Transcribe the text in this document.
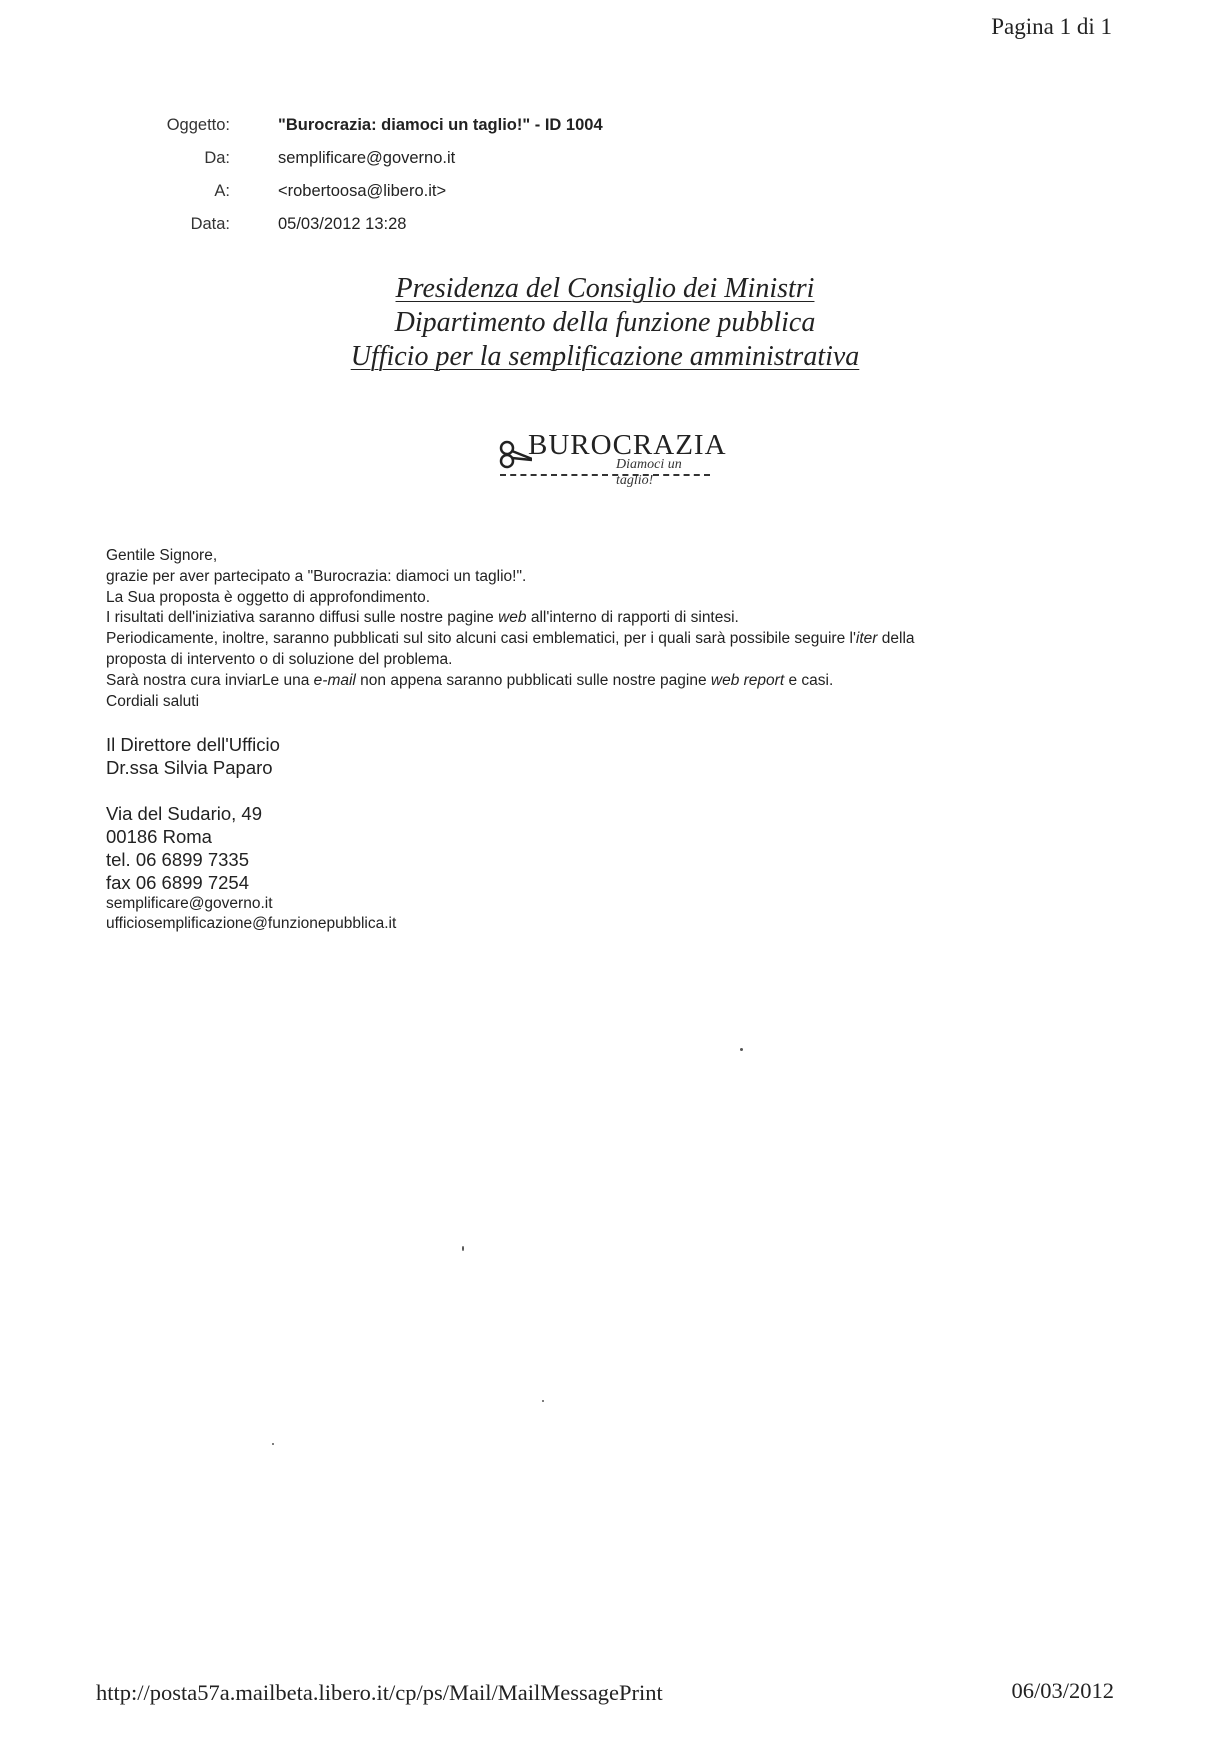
Pagina 1 di 1
Oggetto:	"Burocrazia: diamoci un taglio!" - ID 1004
Da:	semplificare@governo.it
A:	<robertoosa@libero.it>
Data:	05/03/2012 13:28
Presidenza del Consiglio dei Ministri
Dipartimento della funzione pubblica
Ufficio per la semplificazione amministrativa
BUROCRAZIA
Diamoci un taglio!

Gentile Signore,

grazie per aver partecipato a "Burocrazia: diamoci un taglio!".

La Sua proposta è oggetto di approfondimento.

I risultati dell'iniziativa saranno diffusi sulle nostre pagine web all'interno di rapporti di sintesi.

Periodicamente, inoltre, saranno pubblicati sul sito alcuni casi emblematici, per i quali sarà possibile seguire l'iter della

proposta di intervento o di soluzione del problema.

Sarà nostra cura inviarLe una e-mail non appena saranno pubblicati sulle nostre pagine web report e casi.

Cordiali saluti

Il Direttore dell'Ufficio
Dr.ssa Silvia Paparo
Via del Sudario, 49
00186 Roma
tel. 06 6899 7335
fax 06 6899 7254
semplificare@governo.it
ufficiosemplificazione@funzionepubblica.it
http://posta57a.mailbeta.libero.it/cp/ps/Mail/MailMessagePrint	06/03/2012
